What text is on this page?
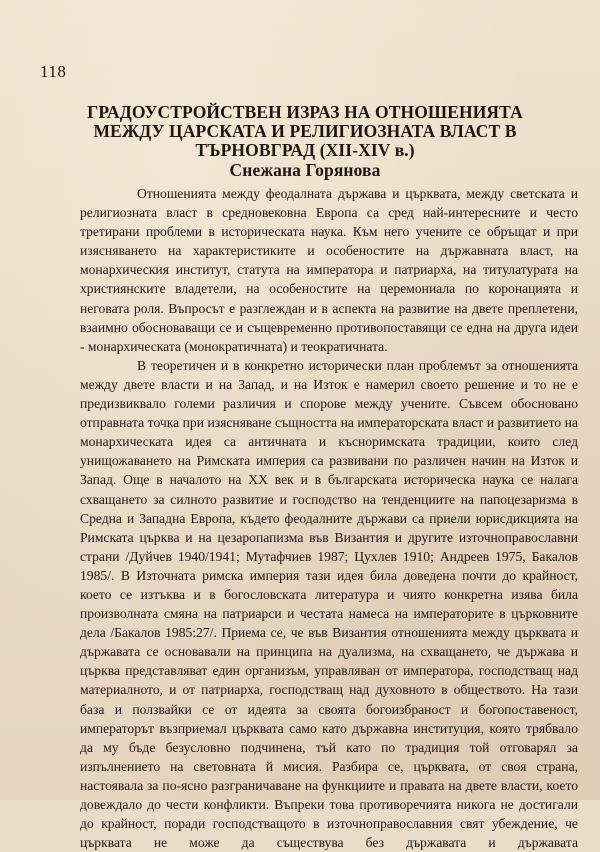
118
ГРАДОУСТРОЙСТВЕН ИЗРАЗ НА ОТНОШЕНИЯТА
МЕЖДУ ЦАРСКАТА И РЕЛИГИОЗНАТА ВЛАСТ В
ТЪРНОВГРАД (XII-XIV в.)
Снежана Горянова

Отношенията между феодалната държава и църквата, между светската и религиозната власт в средновековна Европа са сред най-интересните и често третирани проблеми в историческата наука. Към него учените се обръщат и при изясняването на характеристиките и особеностите на държавната власт, на монархическия институт, статута на императора и патриарха, на титулатурата на християнските владетели, на особеностите на церемониала по коронацията и неговата роля. Въпросът е разглеждан и в аспекта на развитие на двете преплетени, взаимно обосноваващи се и същевременно противопоставящи се една на друга идеи - монархическата (монократичната) и теократичната.

В теоретичен и в конкретно исторически план проблемът за отношенията между двете власти и на Запад, и на Изток е намерил своето решение и то не е предизвиквало големи различия и спорове между учените. Съвсем обосновано отправната точка при изясняване същността на императорската власт и развитието на монархическата идея са античната и късноримската традиции, които след унищожаването на Римската империя са развивани по различен начин на Изток и Запад. Още в началото на XX век и в българската историческа наука се налага схващането за силното развитие и господство на тенденциите на папоцезаризма в Средна и Западна Европа, където феодалните държави са приели юрисдикцията на Римската църква и на цезаропапизма във Византия и другите източноправославни страни /Дуйчев 1940/1941; Мутафчиев 1987; Цухлев 1910; Андреев 1975, Бакалов 1985/. В Източната римска империя тази идея била доведена почти до крайност, което се изтъква и в богословската литература и чиято конкретна изява била произволната смяна на патриарси и честата намеса на императорите в църковните дела /Бакалов 1985:27/. Приема се, че във Византия отношенията между църквата и държавата се основавали на принципа на дуализма, на схващането, че държава и църква представляват един организъм, управляван от императора, господстващ над материалното, и от патриарха, господстващ над духовното в обществото. На тази база и ползвайки се от идеята за своята богоизбраност и богопоставеност, императорът възприемал църквата само като държавна институция, която трябвало да му бъде безусловно подчинена, тъй като по традиция той отговарял за изпълнението на световната й мисия. Разбира се, църквата, от своя страна, настоявала за по-ясно разграничаване на функциите и правата на двете власти, което довеждало до чести конфликти. Въпреки това противоречията никога не достигали до крайност, поради господстващото в източноправославния свят убеждение, че църквата не може да съществува без държавата и държавата
